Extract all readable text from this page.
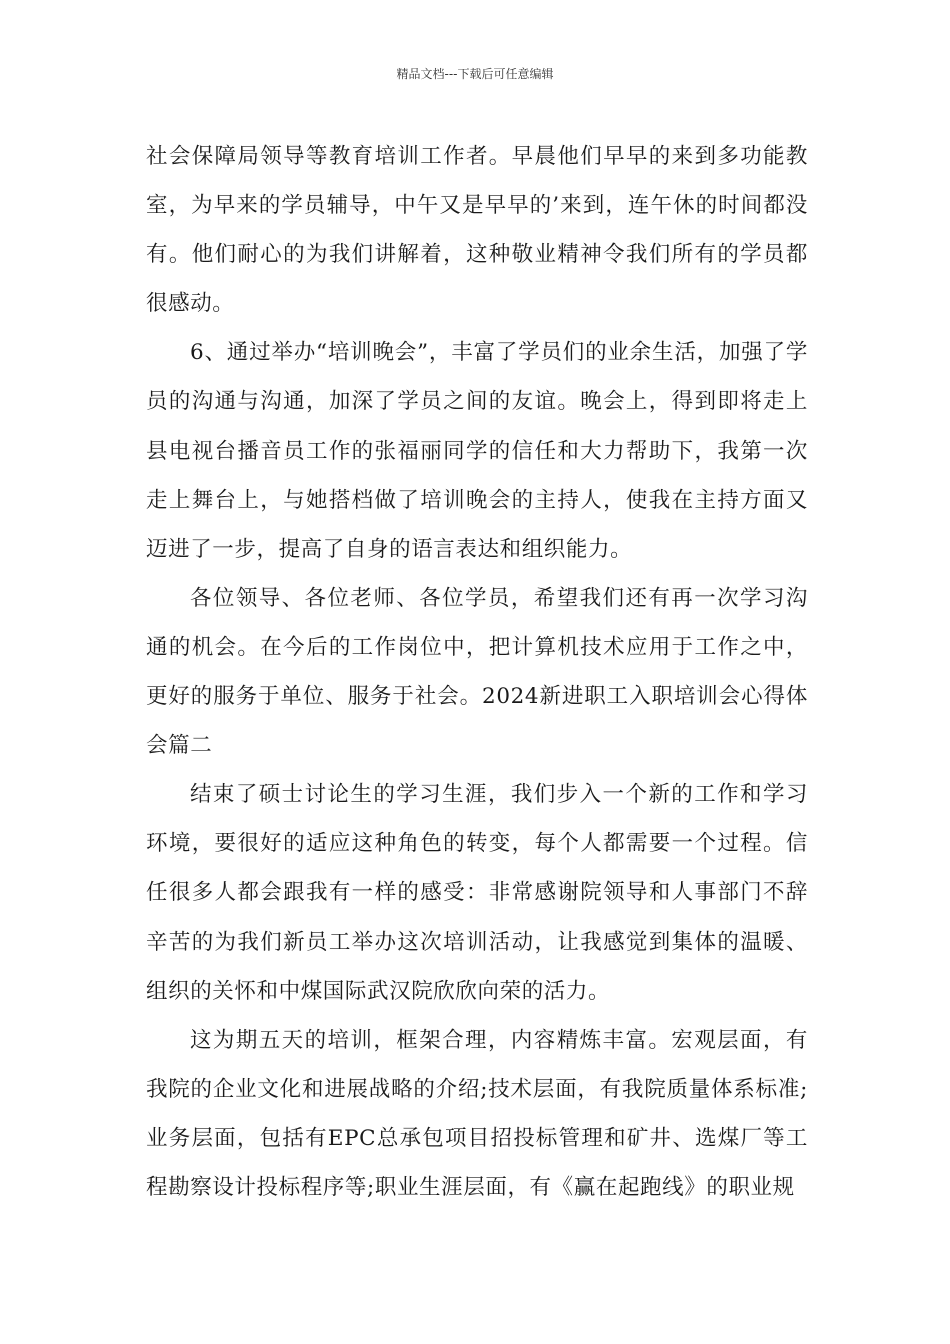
精品文档---下载后可任意编辑

社会保障局领导等教育培训工作者。早晨他们早早的来到多功能教室，为早来的学员辅导，中午又是早早的’来到，连午休的时间都没有。他们耐心的为我们讲解着，这种敬业精神令我们所有的学员都很感动。

6、通过举办“培训晚会”，丰富了学员们的业余生活，加强了学员的沟通与沟通，加深了学员之间的友谊。晚会上，得到即将走上县电视台播音员工作的张福丽同学的信任和大力帮助下，我第一次走上舞台上，与她搭档做了培训晚会的主持人，使我在主持方面又迈进了一步，提高了自身的语言表达和组织能力。

各位领导、各位老师、各位学员，希望我们还有再一次学习沟通的机会。在今后的工作岗位中，把计算机技术应用于工作之中，更好的服务于单位、服务于社会。2024新进职工入职培训会心得体会篇二

结束了硕士讨论生的学习生涯，我们步入一个新的工作和学习环境，要很好的适应这种角色的转变，每个人都需要一个过程。信任很多人都会跟我有一样的感受：非常感谢院领导和人事部门不辞辛苦的为我们新员工举办这次培训活动，让我感觉到集体的温暖、组织的关怀和中煤国际武汉院欣欣向荣的活力。

这为期五天的培训，框架合理，内容精炼丰富。宏观层面，有我院的企业文化和进展战略的介绍;技术层面，有我院质量体系标准;业务层面，包括有EPC总承包项目招投标管理和矿井、选煤厂等工程勘察设计投标程序等;职业生涯层面，有《赢在起跑线》的职业规
